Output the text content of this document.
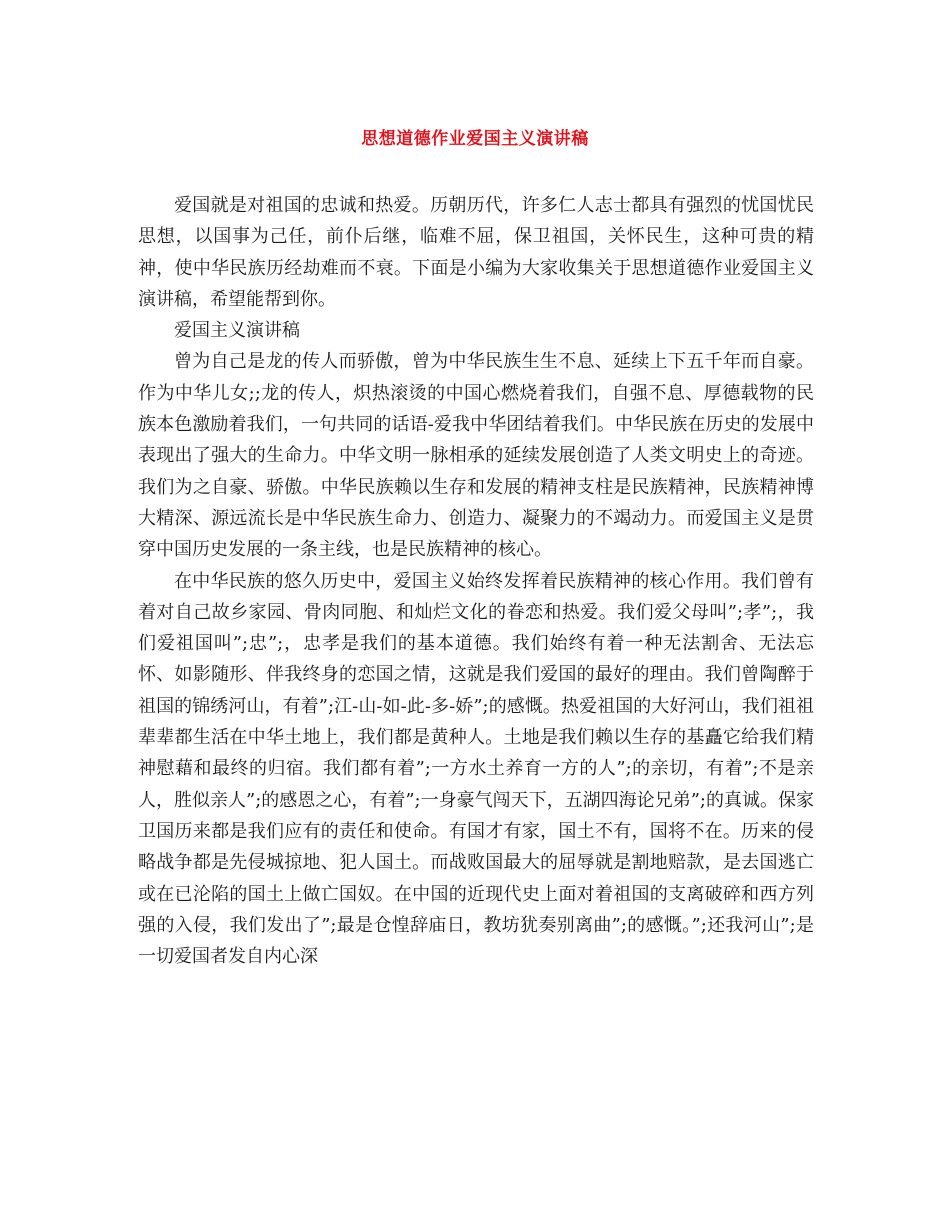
思想道德作业爱国主义演讲稿

爱国就是对祖国的忠诚和热爱。历朝历代，许多仁人志士都具有强烈的忧国忧民思想，以国事为己任，前仆后继，临难不屈，保卫祖国，关怀民生，这种可贵的精神，使中华民族历经劫难而不衰。下面是小编为大家收集关于思想道德作业爱国主义演讲稿，希望能帮到你。

爱国主义演讲稿

曾为自己是龙的传人而骄傲，曾为中华民族生生不息、延续上下五千年而自豪。作为中华儿女;;龙的传人，炽热滚烫的中国心燃烧着我们，自强不息、厚德载物的民族本色激励着我们，一句共同的话语-爱我中华团结着我们。中华民族在历史的发展中表现出了强大的生命力。中华文明一脉相承的延续发展创造了人类文明史上的奇迹。我们为之自豪、骄傲。中华民族赖以生存和发展的精神支柱是民族精神，民族精神博大精深、源远流长是中华民族生命力、创造力、凝聚力的不竭动力。而爱国主义是贯穿中国历史发展的一条主线，也是民族精神的核心。

在中华民族的悠久历史中，爱国主义始终发挥着民族精神的核心作用。我们曾有着对自己故乡家园、骨肉同胞、和灿烂文化的眷恋和热爱。我们爱父母叫”;孝”;，我们爱祖国叫”;忠”;，忠孝是我们的基本道德。我们始终有着一种无法割舍、无法忘怀、如影随形、伴我终身的恋国之情，这就是我们爱国的最好的理由。我们曾陶醉于祖国的锦绣河山，有着”;江-山-如-此-多-娇”;的感慨。热爱祖国的大好河山，我们祖祖辈辈都生活在中华土地上，我们都是黄种人。土地是我们赖以生存的基矗它给我们精神慰藉和最终的归宿。我们都有着”;一方水土养育一方的人”;的亲切，有着”;不是亲人，胜似亲人”;的感恩之心，有着”;一身豪气闯天下，五湖四海论兄弟”;的真诚。保家卫国历来都是我们应有的责任和使命。有国才有家，国土不有，国将不在。历来的侵略战争都是先侵城掠地、犯人国土。而战败国最大的屈辱就是割地赔款，是去国逃亡或在已沦陷的国土上做亡国奴。在中国的近现代史上面对着祖国的支离破碎和西方列强的入侵，我们发出了”;最是仓惶辞庙日，教坊犹奏别离曲”;的感慨。”;还我河山”;是一切爱国者发自内心深
